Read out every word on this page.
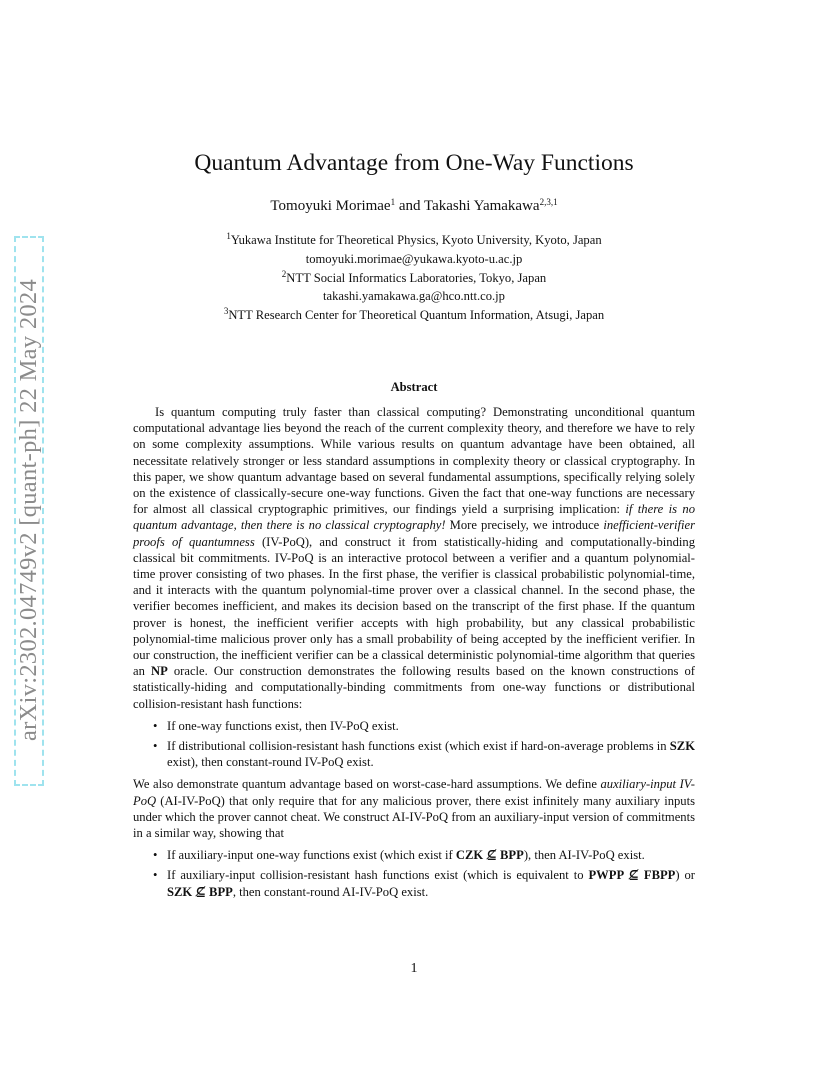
arXiv:2302.04749v2 [quant-ph] 22 May 2024
Quantum Advantage from One-Way Functions
Tomoyuki Morimae$^1$ and Takashi Yamakawa$^{2,3,1}$
$^1$Yukawa Institute for Theoretical Physics, Kyoto University, Kyoto, Japan
tomoyuki.morimae@yukawa.kyoto-u.ac.jp
$^2$NTT Social Informatics Laboratories, Tokyo, Japan
takashi.yamakawa.ga@hco.ntt.co.jp
$^3$NTT Research Center for Theoretical Quantum Information, Atsugi, Japan
Abstract

Is quantum computing truly faster than classical computing? Demonstrating unconditional quantum computational advantage lies beyond the reach of the current complexity theory, and therefore we have to rely on some complexity assumptions. While various results on quantum advantage have been obtained, all necessitate relatively stronger or less standard assumptions in complexity theory or classical cryptography. In this paper, we show quantum advantage based on several fundamental assumptions, specifically relying solely on the existence of classically-secure one-way functions. Given the fact that one-way functions are necessary for almost all classical cryptographic primitives, our findings yield a surprising implication: if there is no quantum advantage, then there is no classical cryptography! More precisely, we introduce inefficient-verifier proofs of quantumness (IV-PoQ), and construct it from statistically-hiding and computationally-binding classical bit commitments. IV-PoQ is an interactive protocol between a verifier and a quantum polynomial-time prover consisting of two phases. In the first phase, the verifier is classical probabilistic polynomial-time, and it interacts with the quantum polynomial-time prover over a classical channel. In the second phase, the verifier becomes inefficient, and makes its decision based on the transcript of the first phase. If the quantum prover is honest, the inefficient verifier accepts with high probability, but any classical probabilistic polynomial-time malicious prover only has a small probability of being accepted by the inefficient verifier. In our construction, the inefficient verifier can be a classical deterministic polynomial-time algorithm that queries an NP oracle. Our construction demonstrates the following results based on the known constructions of statistically-hiding and computationally-binding commitments from one-way functions or distributional collision-resistant hash functions:

• If one-way functions exist, then IV-PoQ exist.
• If distributional collision-resistant hash functions exist (which exist if hard-on-average problems in SZK exist), then constant-round IV-PoQ exist.

We also demonstrate quantum advantage based on worst-case-hard assumptions. We define auxiliary-input IV-PoQ (AI-IV-PoQ) that only require that for any malicious prover, there exist infinitely many auxiliary inputs under which the prover cannot cheat. We construct AI-IV-PoQ from an auxiliary-input version of commitments in a similar way, showing that

• If auxiliary-input one-way functions exist (which exist if CZK ⊈ BPP), then AI-IV-PoQ exist.
• If auxiliary-input collision-resistant hash functions exist (which is equivalent to PWPP ⊈ FBPP) or SZK ⊈ BPP, then constant-round AI-IV-PoQ exist.
1
